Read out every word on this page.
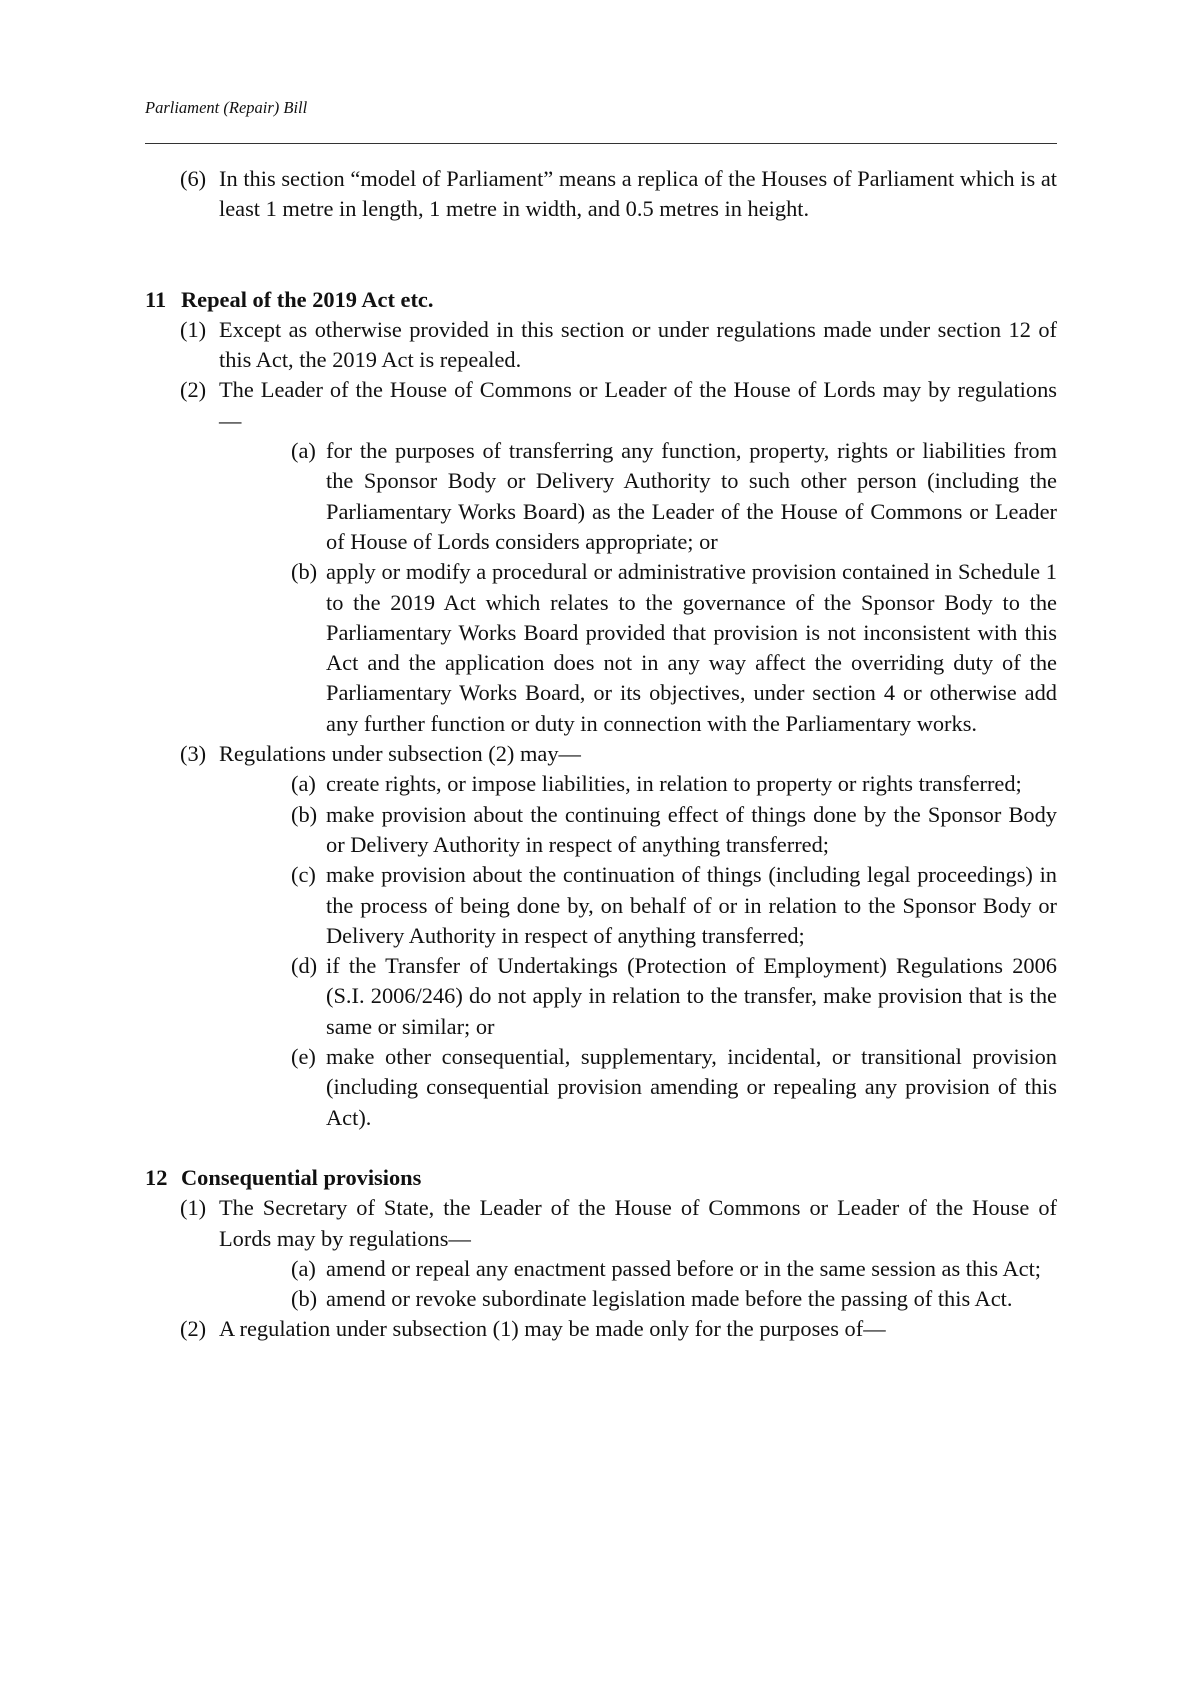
Parliament (Repair) Bill
(6) In this section “model of Parliament” means a replica of the Houses of Parliament which is at least 1 metre in length, 1 metre in width, and 0.5 metres in height.
11 Repeal of the 2019 Act etc.
(1) Except as otherwise provided in this section or under regulations made under section 12 of this Act, the 2019 Act is repealed.
(2) The Leader of the House of Commons or Leader of the House of Lords may by regulations—
(a) for the purposes of transferring any function, property, rights or liabilities from the Sponsor Body or Delivery Authority to such other person (including the Parliamentary Works Board) as the Leader of the House of Commons or Leader of House of Lords considers appropriate; or
(b) apply or modify a procedural or administrative provision contained in Schedule 1 to the 2019 Act which relates to the governance of the Sponsor Body to the Parliamentary Works Board provided that provision is not inconsistent with this Act and the application does not in any way affect the overriding duty of the Parliamentary Works Board, or its objectives, under section 4 or otherwise add any further function or duty in connection with the Parliamentary works.
(3) Regulations under subsection (2) may—
(a) create rights, or impose liabilities, in relation to property or rights transferred;
(b) make provision about the continuing effect of things done by the Sponsor Body or Delivery Authority in respect of anything transferred;
(c) make provision about the continuation of things (including legal proceedings) in the process of being done by, on behalf of or in relation to the Sponsor Body or Delivery Authority in respect of anything transferred;
(d) if the Transfer of Undertakings (Protection of Employment) Regulations 2006 (S.I. 2006/246) do not apply in relation to the transfer, make provision that is the same or similar; or
(e) make other consequential, supplementary, incidental, or transitional provision (including consequential provision amending or repealing any provision of this Act).
12 Consequential provisions
(1) The Secretary of State, the Leader of the House of Commons or Leader of the House of Lords may by regulations—
(a) amend or repeal any enactment passed before or in the same session as this Act;
(b) amend or revoke subordinate legislation made before the passing of this Act.
(2) A regulation under subsection (1) may be made only for the purposes of—
